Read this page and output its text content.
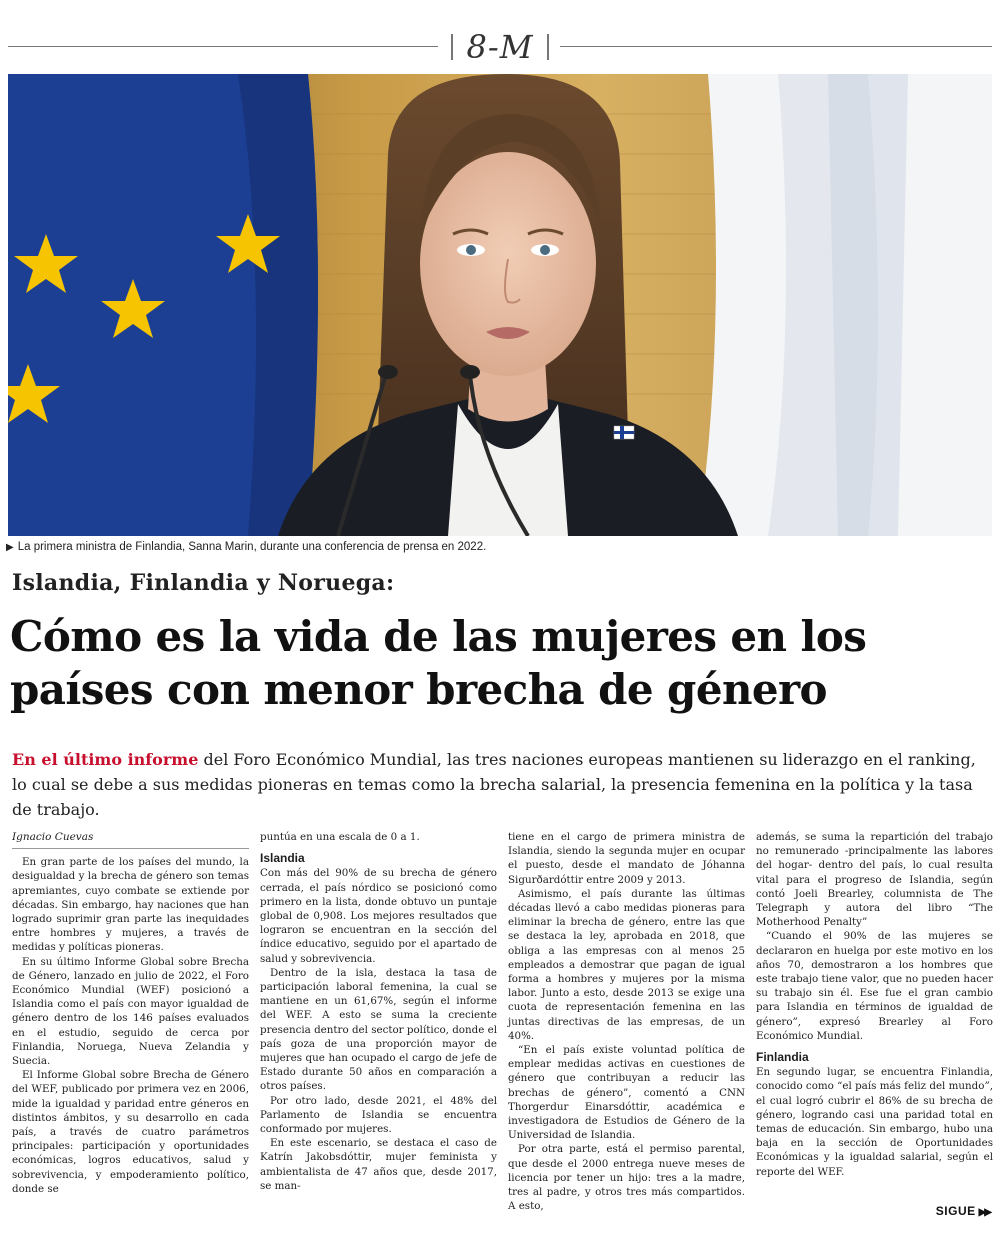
8-M
▶ La primera ministra de Finlandia, Sanna Marin, durante una conferencia de prensa en 2022.
Islandia, Finlandia y Noruega:
Cómo es la vida de las mujeres en los países con menor brecha de género
En el último informe del Foro Económico Mundial, las tres naciones europeas mantienen su liderazgo en el ranking, lo cual se debe a sus medidas pioneras en temas como la brecha salarial, la presencia femenina en la política y la tasa de trabajo.
Ignacio Cuevas

En gran parte de los países del mundo, la desigualdad y la brecha de género son temas apremiantes, cuyo combate se extiende por décadas. Sin embargo, hay naciones que han logrado suprimir gran parte las inequidades entre hombres y mujeres, a través de medidas y políticas pioneras.

En su último Informe Global sobre Brecha de Género, lanzado en julio de 2022, el Foro Económico Mundial (WEF) posicionó a Islandia como el país con mayor igualdad de género dentro de los 146 países evaluados en el estudio, seguido de cerca por Finlandia, Noruega, Nueva Zelandia y Suecia.

El Informe Global sobre Brecha de Género del WEF, publicado por primera vez en 2006, mide la igualdad y paridad entre géneros en distintos ámbitos, y su desarrollo en cada país, a través de cuatro parámetros principales: participación y oportunidades económicas, logros educativos, salud y sobrevivencia, y empoderamiento político, donde se

puntúa en una escala de 0 a 1.

Islandia

Con más del 90% de su brecha de género cerrada, el país nórdico se posicionó como primero en la lista, donde obtuvo un puntaje global de 0,908. Los mejores resultados que lograron se encuentran en la sección del índice educativo, seguido por el apartado de salud y sobrevivencia.

Dentro de la isla, destaca la tasa de participación laboral femenina, la cual se mantiene en un 61,67%, según el informe del WEF. A esto se suma la creciente presencia dentro del sector político, donde el país goza de una proporción mayor de mujeres que han ocupado el cargo de jefe de Estado durante 50 años en comparación a otros países.

Por otro lado, desde 2021, el 48% del Parlamento de Islandia se encuentra conformado por mujeres.

En este escenario, se destaca el caso de Katrín Jakobsdóttir, mujer feminista y ambientalista de 47 años que, desde 2017, se man-

tiene en el cargo de primera ministra de Islandia, siendo la segunda mujer en ocupar el puesto, desde el mandato de Jóhanna Sigurðardóttir entre 2009 y 2013.

Asimismo, el país durante las últimas décadas llevó a cabo medidas pioneras para eliminar la brecha de género, entre las que se destaca la ley, aprobada en 2018, que obliga a las empresas con al menos 25 empleados a demostrar que pagan de igual forma a hombres y mujeres por la misma labor. Junto a esto, desde 2013 se exige una cuota de representación femenina en las juntas directivas de las empresas, de un 40%.

“En el país existe voluntad política de emplear medidas activas en cuestiones de género que contribuyan a reducir las brechas de género”, comentó a CNN Thorgerdur Einarsdóttir, académica e investigadora de Estudios de Género de la Universidad de Islandia.

Por otra parte, está el permiso parental, que desde el 2000 entrega nueve meses de licencia por tener un hijo: tres a la madre, tres al padre, y otros tres más compartidos. A esto,

además, se suma la repartición del trabajo no remunerado -principalmente las labores del hogar- dentro del país, lo cual resulta vital para el progreso de Islandia, según contó Joeli Brearley, columnista de The Telegraph y autora del libro “The Motherhood Penalty”

“Cuando el 90% de las mujeres se declararon en huelga por este motivo en los años 70, demostraron a los hombres que este trabajo tiene valor, que no pueden hacer su trabajo sin él. Ese fue el gran cambio para Islandia en términos de igualdad de género”, expresó Brearley al Foro Económico Mundial.

Finlandia

En segundo lugar, se encuentra Finlandia, conocido como “el país más feliz del mundo”, el cual logró cubrir el 86% de su brecha de género, logrando casi una paridad total en temas de educación. Sin embargo, hubo una baja en la sección de Oportunidades Económicas y la igualdad salarial, según el reporte del WEF.

SIGUE ▶▶
